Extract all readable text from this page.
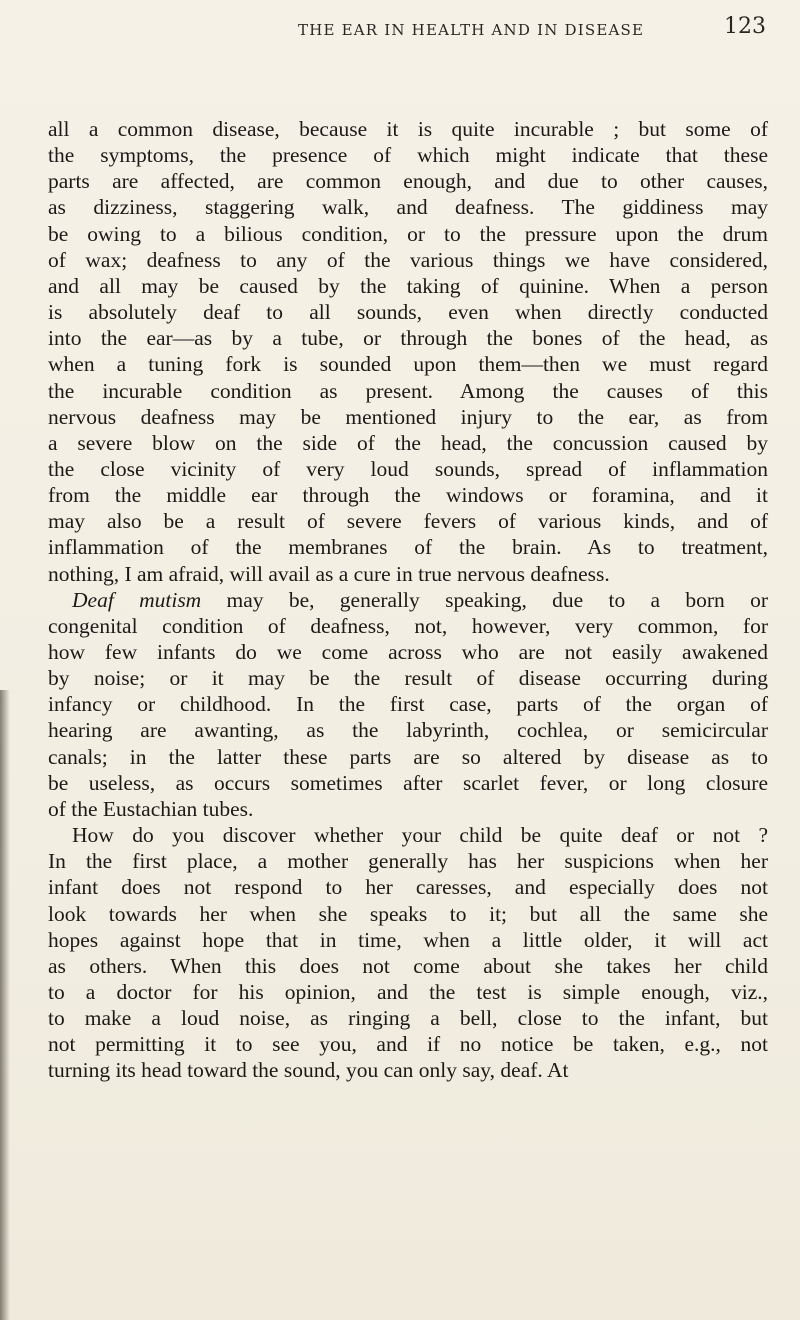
THE EAR IN HEALTH AND IN DISEASE	123
all a common disease, because it is quite incurable ; but some of
the symptoms, the presence of which might indicate that these
parts are affected, are common enough, and due to other causes,
as dizziness, staggering walk, and deafness. The giddiness may
be owing to a bilious condition, or to the pressure upon the drum
of wax; deafness to any of the various things we have considered,
and all may be caused by the taking of quinine. When a person
is absolutely deaf to all sounds, even when directly conducted
into the ear—as by a tube, or through the bones of the head, as
when a tuning fork is sounded upon them—then we must regard
the incurable condition as present. Among the causes of this
nervous deafness may be mentioned injury to the ear, as from
a severe blow on the side of the head, the concussion caused by
the close vicinity of very loud sounds, spread of inflammation
from the middle ear through the windows or foramina, and it
may also be a result of severe fevers of various kinds, and of
inflammation of the membranes of the brain. As to treatment,
nothing, I am afraid, will avail as a cure in true nervous deafness.
Deaf mutism may be, generally speaking, due to a born or
congenital condition of deafness, not, however, very common, for
how few infants do we come across who are not easily awakened
by noise; or it may be the result of disease occurring during
infancy or childhood. In the first case, parts of the organ of
hearing are awanting, as the labyrinth, cochlea, or semicircular
canals; in the latter these parts are so altered by disease as to
be useless, as occurs sometimes after scarlet fever, or long closure
of the Eustachian tubes.
How do you discover whether your child be quite deaf or not ?
In the first place, a mother generally has her suspicions when her
infant does not respond to her caresses, and especially does not
look towards her when she speaks to it; but all the same she
hopes against hope that in time, when a little older, it will act
as others. When this does not come about she takes her child
to a doctor for his opinion, and the test is simple enough, viz.,
to make a loud noise, as ringing a bell, close to the infant, but
not permitting it to see you, and if no notice be taken, e.g., not
turning its head toward the sound, you can only say, deaf. At
